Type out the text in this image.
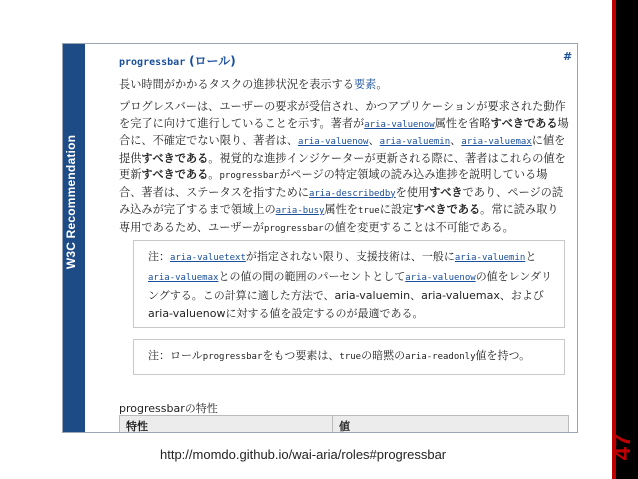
47
W3C Recommendation
progressbar (ロール)	#
長い時間がかかるタスクの進捗状況を表示する要素。
プログレスバーは、ユーザーの要求が受信され、かつアプリケーションが要求された動作を完了に向けて進行していることを示す。著者がaria-valuenow属性を省略すべきである場合に、不確定でない限り、著者は、aria-valuenow、aria-valuemin、aria-valuemaxに値を提供すべきである。視覚的な進捗インジケーターが更新される際に、著者はこれらの値を更新すべきである。progressbarがページの特定領域の読み込み進捗を説明している場合、著者は、ステータスを指すためにaria-describedbyを使用すべきであり、ページの読み込みが完了するまで領域上のaria-busy属性をtrueに設定すべきである。常に読み取り専用であるため、ユーザーがprogressbarの値を変更することは不可能である。
注：aria-valuetextが指定されない限り、支援技術は、一般にaria-valueminとaria-valuemaxとの値の間の範囲のパーセントとしてaria-valuenowの値をレンダリングする。この計算に適した方法で、aria-valuemin、aria-valuemax、およびaria-valuenowに対する値を設定するのが最適である。
注：ロールprogressbarをもつ要素は、trueの暗黙のaria-readonly値を持つ。
progressbarの特性
特性	値
http://momdo.github.io/wai-aria/roles#progressbar
